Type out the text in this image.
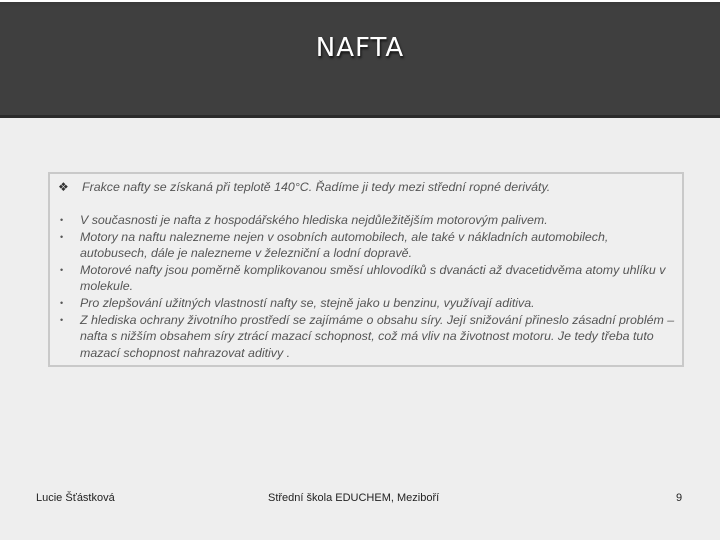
NAFTA
❖ Frakce nafty se získaná při teplotě 140°C. Řadíme ji tedy mezi střední ropné deriváty.
• V současnosti je nafta z hospodářského hlediska nejdůležitějším motorovým palivem.
• Motory na naftu nalezneme nejen v osobních automobilech, ale také v nákladních automobilech, autobusech, dále je nalezneme v železniční a lodní dopravě.
• Motorové nafty jsou poměrně komplikovanou směsí uhlovodíků s dvanácti až dvacetidvěma atomy uhlíku v molekule.
• Pro zlepšování užitných vlastností nafty se, stejně jako u benzinu, využívají aditiva.
• Z hlediska ochrany životního prostředí se zajímáme o obsahu síry. Její snižování přineslo zásadní problém – nafta s nižším obsahem síry ztrácí mazací schopnost, což má vliv na životnost motoru. Je tedy třeba tuto mazací schopnost nahrazovat aditivy .
Lucie Šťástková	Střední škola EDUCHEM, Meziboří	9
